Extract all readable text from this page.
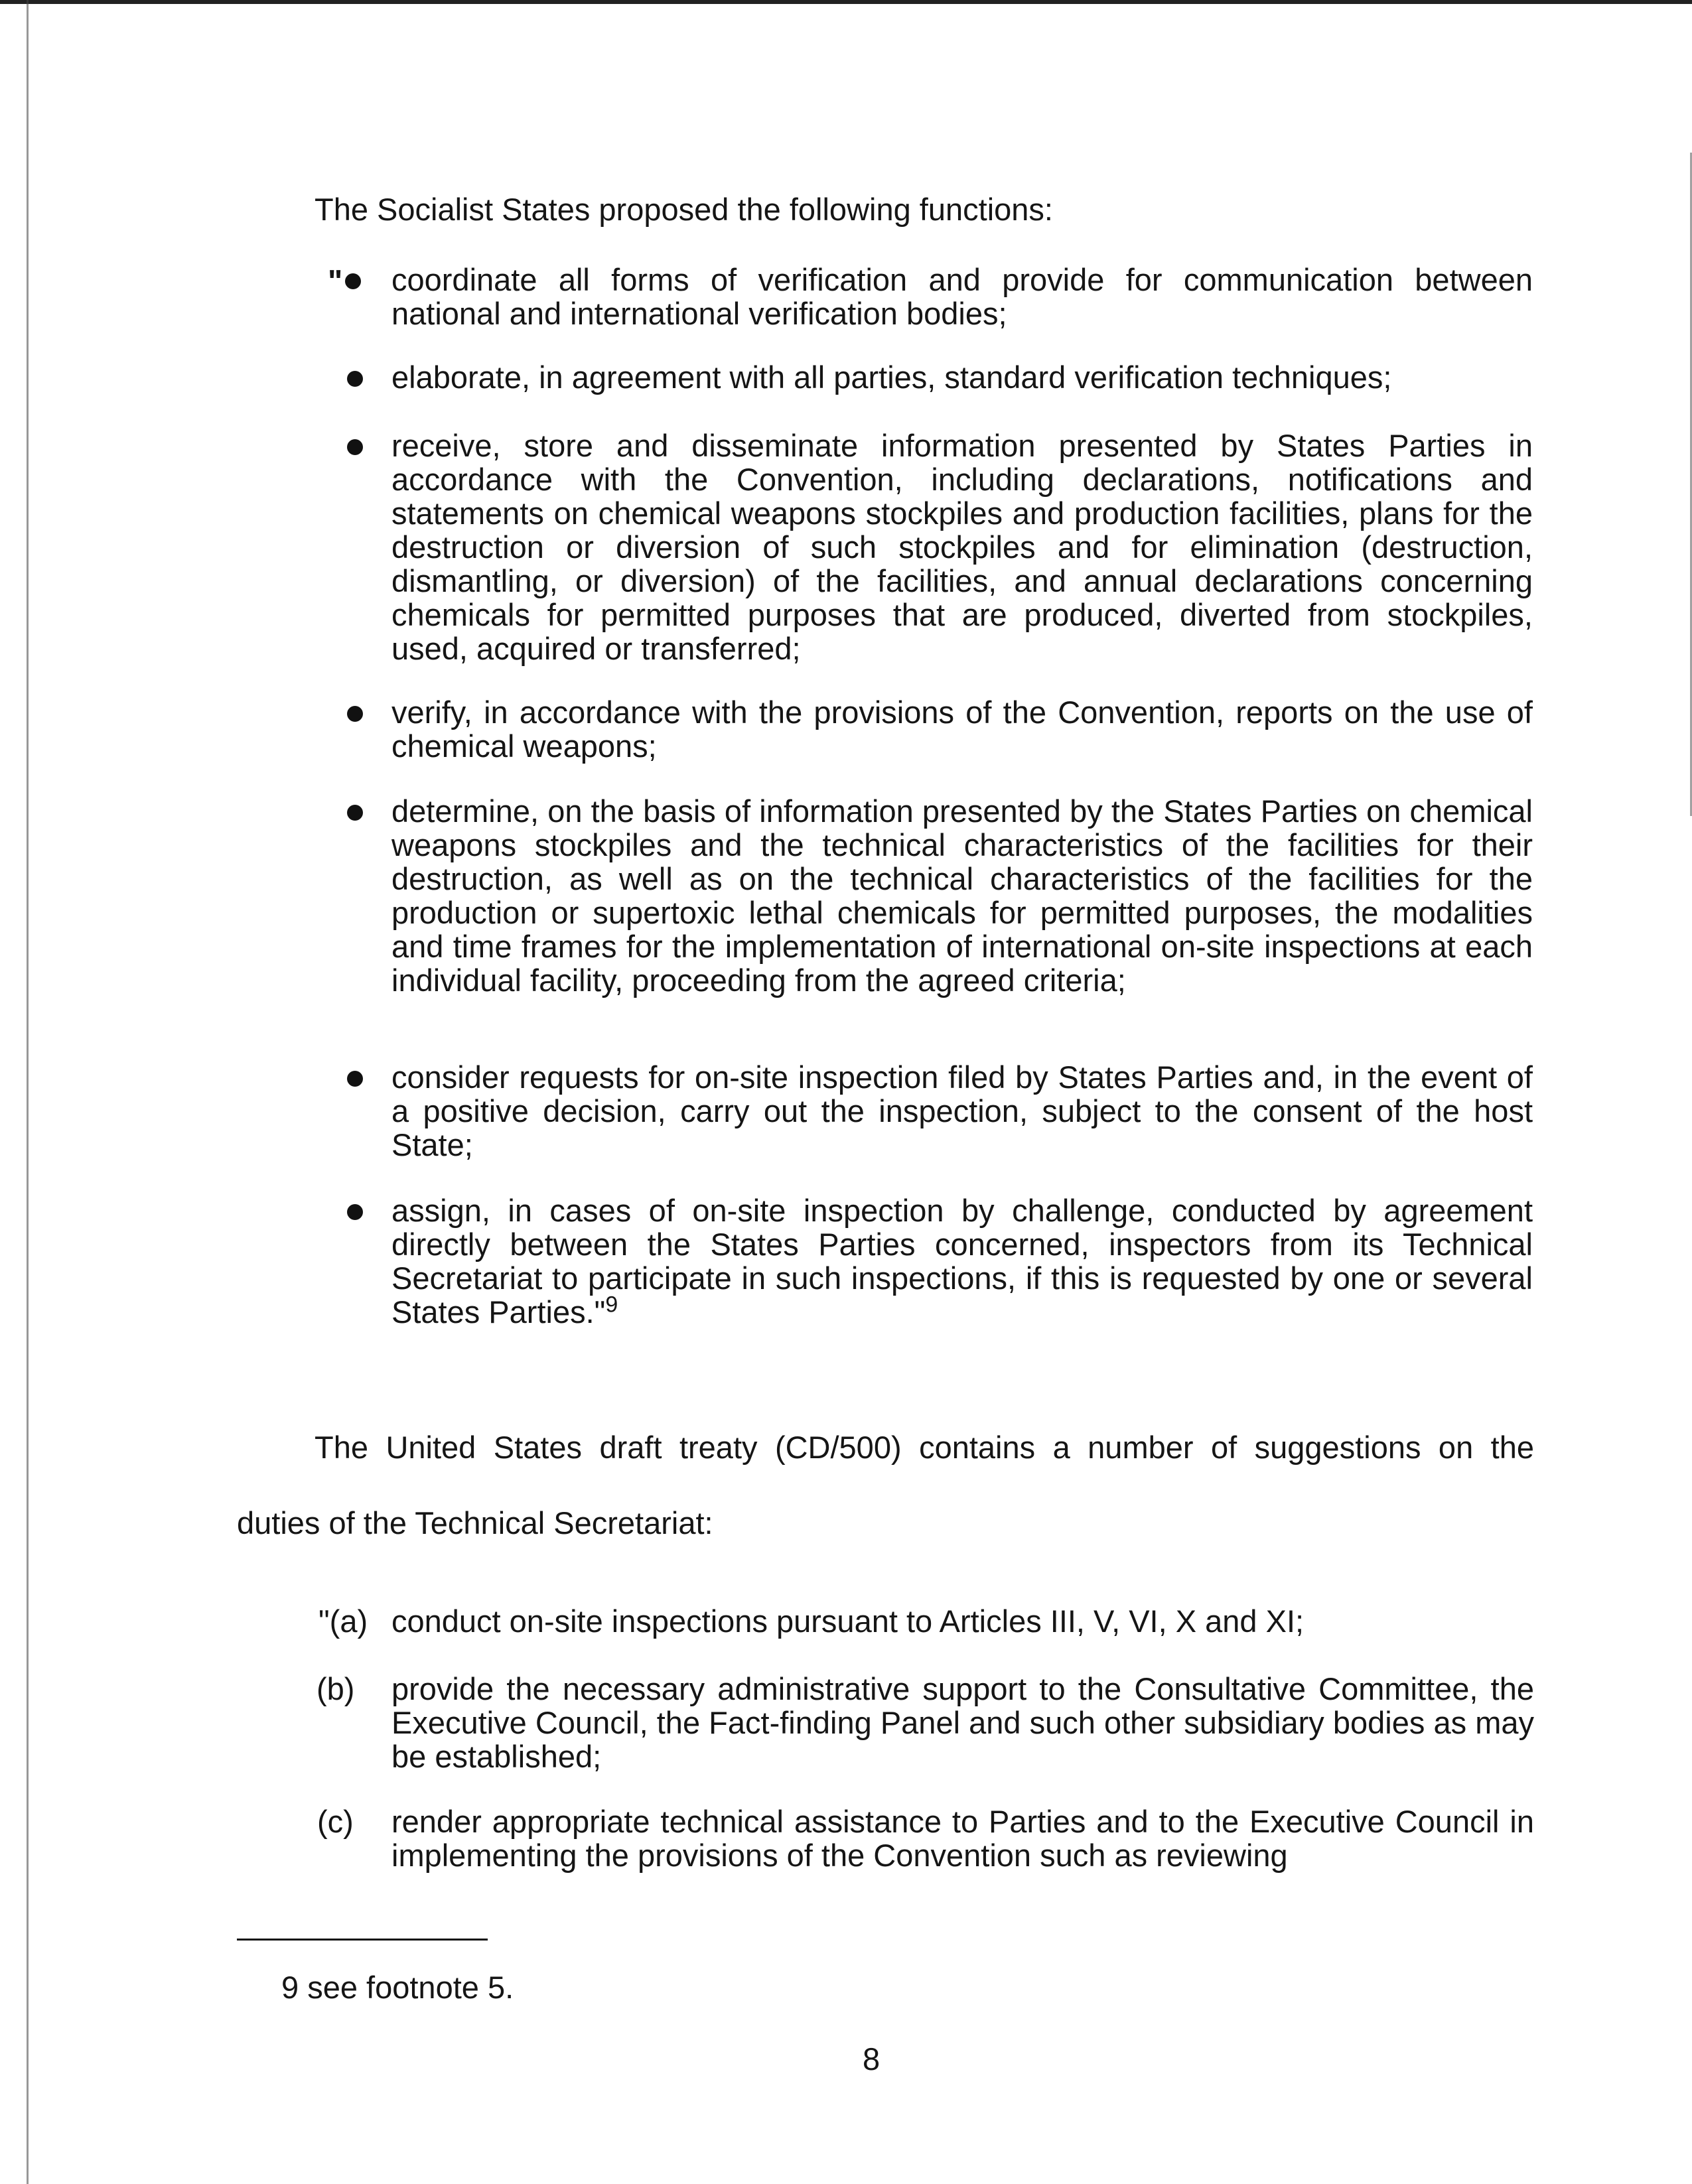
The Socialist States proposed the following functions:

" coordinate all forms of verification and provide for communication between national and international verification bodies;
elaborate, in agreement with all parties, standard verification techniques;
receive, store and disseminate information presented by States Parties in accordance with the Convention, including declarations, notifications and statements on chemical weapons stockpiles and production facilities, plans for the destruction or diversion of such stockpiles and for elimination (destruction, dismantling, or diversion) of the facilities, and annual declarations concerning chemicals for permitted purposes that are produced, diverted from stockpiles, used, acquired or transferred;
verify, in accordance with the provisions of the Convention, reports on the use of chemical weapons;
determine, on the basis of information presented by the States Parties on chemical weapons stockpiles and the technical characteristics of the facilities for their destruction, as well as on the technical characteristics of the facilities for the production or supertoxic lethal chemicals for permitted purposes, the modalities and time frames for the implementation of international on-site inspections at each individual facility, proceeding from the agreed criteria;
consider requests for on-site inspection filed by States Parties and, in the event of a positive decision, carry out the inspection, subject to the consent of the host State;
assign, in cases of on-site inspection by challenge, conducted by agreement directly between the States Parties concerned, inspectors from its Technical Secretariat to participate in such inspections, if this is requested by one or several States Parties."$^9$
The United States draft treaty (CD/500) contains a number of suggestions on the
duties of the Technical Secretariat:
"(a) conduct on-site inspections pursuant to Articles III, V, VI, X and XI;
(b) provide the necessary administrative support to the Consultative Committee, the Executive Council, the Fact-finding Panel and such other subsidiary bodies as may be established;
(c) render appropriate technical assistance to Parties and to the Executive Council in implementing the provisions of the Convention such as reviewing
9 see footnote 5.
8
